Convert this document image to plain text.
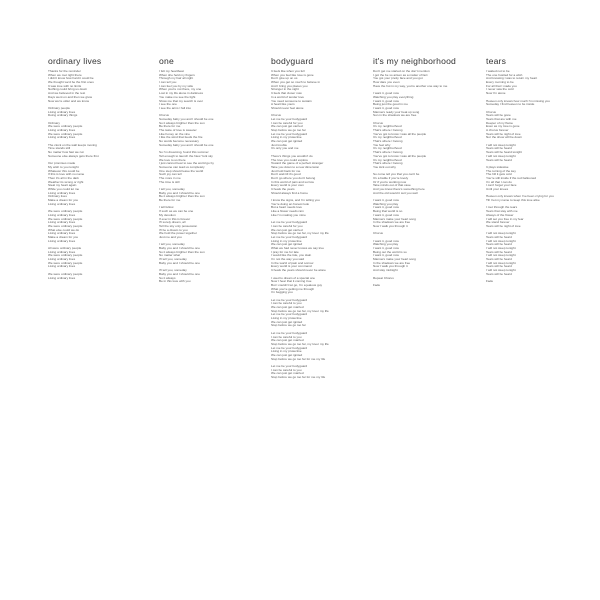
ordinary lives
Thanks for the reminder
When we met right there
I didn't know how hard it could be
We thought we'd be the first ones
It was love with no limits
Nothing could bring us down
And we believed in the rest
Days went on and then we grew
Now we're older and we know
Ordinary people
Living ordinary lives
Doing ordinary things
Ordinary
We were ordinary people
Living ordinary lives
We were ordinary people
Living ordinary lives
The clock on the wall keeps moving
Time stands still
No matter how fast we run
Someone else always gets there first
Our promises made
My wish to you tonight
Whatever this could be
If this is love with no name
Then it's all in the dark
Weather its wrong or right
Steal my heart again
While you could let me
Living ordinary lives
Ordinary lives
Make a dream for you
Living ordinary lives
We were ordinary people
Living ordinary lives
We were ordinary people
Living ordinary lives
We were ordinary people
What else could we do
Living ordinary lives
Make a dream for you
Living ordinary lives
All were ordinary people
Living ordinary lives
We were ordinary people
Living ordinary lives
We were ordinary people
Living ordinary lives
We were ordinary people
Living ordinary lives
one
I felt my heartbeat
When she held my fingers
Through my hair all night
I can tell you
I can feel you by my side
When you're not there, my one
Lost in my life alone in darkness
You make me see the light
Show me that my search is over
I see the one
I see the arms I fall into
Chorus
Someday baby you and I should be one
So it always brighter than the sun
Be there for me
The taste of love is sweeter
Like honey on the vine
I like the wind that feeds the fire
No words become necessary
Someday baby you and I should be one
So I'm dreaming, found this summer
Tell enough to launch the New York sky
We love to us there
I just cannot bear to see the world go by
Someone can lead us completely
One step should leave the world
Such joy can tell
The more in me
The time is still
I tell you, someday
Baby you and I should be one
Be it always brighter than the sun
Be there for me
I tell fellow
If such as we can be one
My devotion
If ever in this is forever
I'll surely dream, all
Tell the sky only possession
I'll be a dream to you
We hold the power together
Just me and you
I tell you, someday
Baby you and I should be one
So it always brighter than the sun
No matter what
I'll tell you, someday
Baby you and I should be one
I'll tell you, someday
Baby you and I should be one
So it always
Be in this love with you
bodyguard
It feels like when you fell
When you feel like love is gone
Don't give up on us
When you get so much to believe in
And I bring you places you
Stronger in the night
It feels that closer now
In a world of tender love
You need someone to sustain
A heart like yours
Should never feel alone
Chorus
Let me be your bodyguard
I can be careful for you
We can just get carried
Stop before we go too far
Let me be your bodyguard
Living in my protective
We can just get ignited
Just trouble
It's only you and me
There's things you wouldn't do
The love you could explore
Toward the game of a perfect stranger
Take you down to a new dimension
Just hold back for me
Don't wait till it's good
Don't go where you don't belong
In this world of pain and sorrow
Every world is your own
It heals the years
Should always find a home
I know the signs, and I'm telling you
You're doing an honest look
But a heart needs love
Like a flower needs rain
Like I'm making you mine
Let me be your bodyguard
I can be careful for you
We can just get carried
Stop before we go too far, my lover my life
Let me be your bodyguard
Living in my protective
We can just get ignited
What we had never knows we say true
I pray for me for late
I would like the tide, you slain
I'm not the way you said
In the world of pain and sorrow
Every world is your command
It heals the years should never be alone
I used to dream of a special one
Now I hear that it coming true
But I couldn't let go, I'm a jealous guy
What you're getting me through
I'm begging you
Let me be your bodyguard
I can be careful to you
We can just get married
Stop before we go too far, my lover my life
Let me be your bodyguard
Living in my protective
We can just get ignited
Stop before we go too far
Let me be your bodyguard
I can be careful to you
We can just get married
Stop before we go too far, my lover my life
Let me be your bodyguard
Living in my protective
We can just get ignited
Stop before we go too far for me my life
Let me be your bodyguard
I can be careful to you
We can just get married
Stop before we go too far for me my life
it's my neighborhood
Don't get me started on the don't mention
I got the be so arisen as a matter of fact
You got your pretty face and you got
How dare you even
Have the hot in my way, you're another one way to me
I want it, good now
Watching you play everything
I want it, good now
Being just the good in me
I want it, good now
Manners ready your beat up song
Sun in the shadows we are free
Chorus
It's my neighborhood
That's where I belong
You've got to know I was all the people
It's my neighborhood
That's where I belong
You feel why
It's my neighborhood
That's where I belong
You've got to know I was all the people
It's my neighborhood
That's where I belong
You kick out why
So come tell you that you can't be
It's a battle if you're lovely
Or if you're working now
Take minds out of that case
And you know there's something here
And the old would it suit you well
I want it, good now
Watching you play
I want it, good now
Being that world is so
I want it, good now
Manners make your heart song
In the shadows we are free
Now I walk you through it
Chorus
I want it, good now
Watching you play
I want it, good now
Being out the world is so
I want it, good now
Manners make your heart song
In the shadows we are free
Now I walk you through it
And stay midnight
Repeat Chorus
Fade
tears
I waited not to be
The one hustled for a wish
And knowing I was to return my heart
Every morning to be
For all that I made you
I never saw the cold
Now I'm alone
Heaven only knows how much I'm missing you
Someday I find heaven to be inside
Chorus
Tears will be gone
Tears that are with me
Deeper of my flame
Even as my love is gone
A chorus forever
Tears will be night of love
Nor the show will be down
I will not sleep tonight
Tears will be heard
Tears will be heard tonight
I will not sleep tonight
Tears will be heard
It plays sidewise
The turning of the key
The hill it gets cold
You're still inside if the red ballooned
I'm all that I can do
I can't forget your face
Until your knees
Heaven only knows when I've been crying for you
Till I let my name to keep this love alive
I met through the tears
Tears that stay with me
Always of the flower
I will set you free in my fear
We stand forever
Tears will be night of love
I will not sleep tonight
Tears will be heard
I will not sleep tonight
Tears will be heard
I will not sleep tonight
Tears will be heard
I will not sleep tonight
Tears will be heard
I will not sleep tonight
Tears will be heard
I will not sleep tonight
Tears will be heard
Fade
